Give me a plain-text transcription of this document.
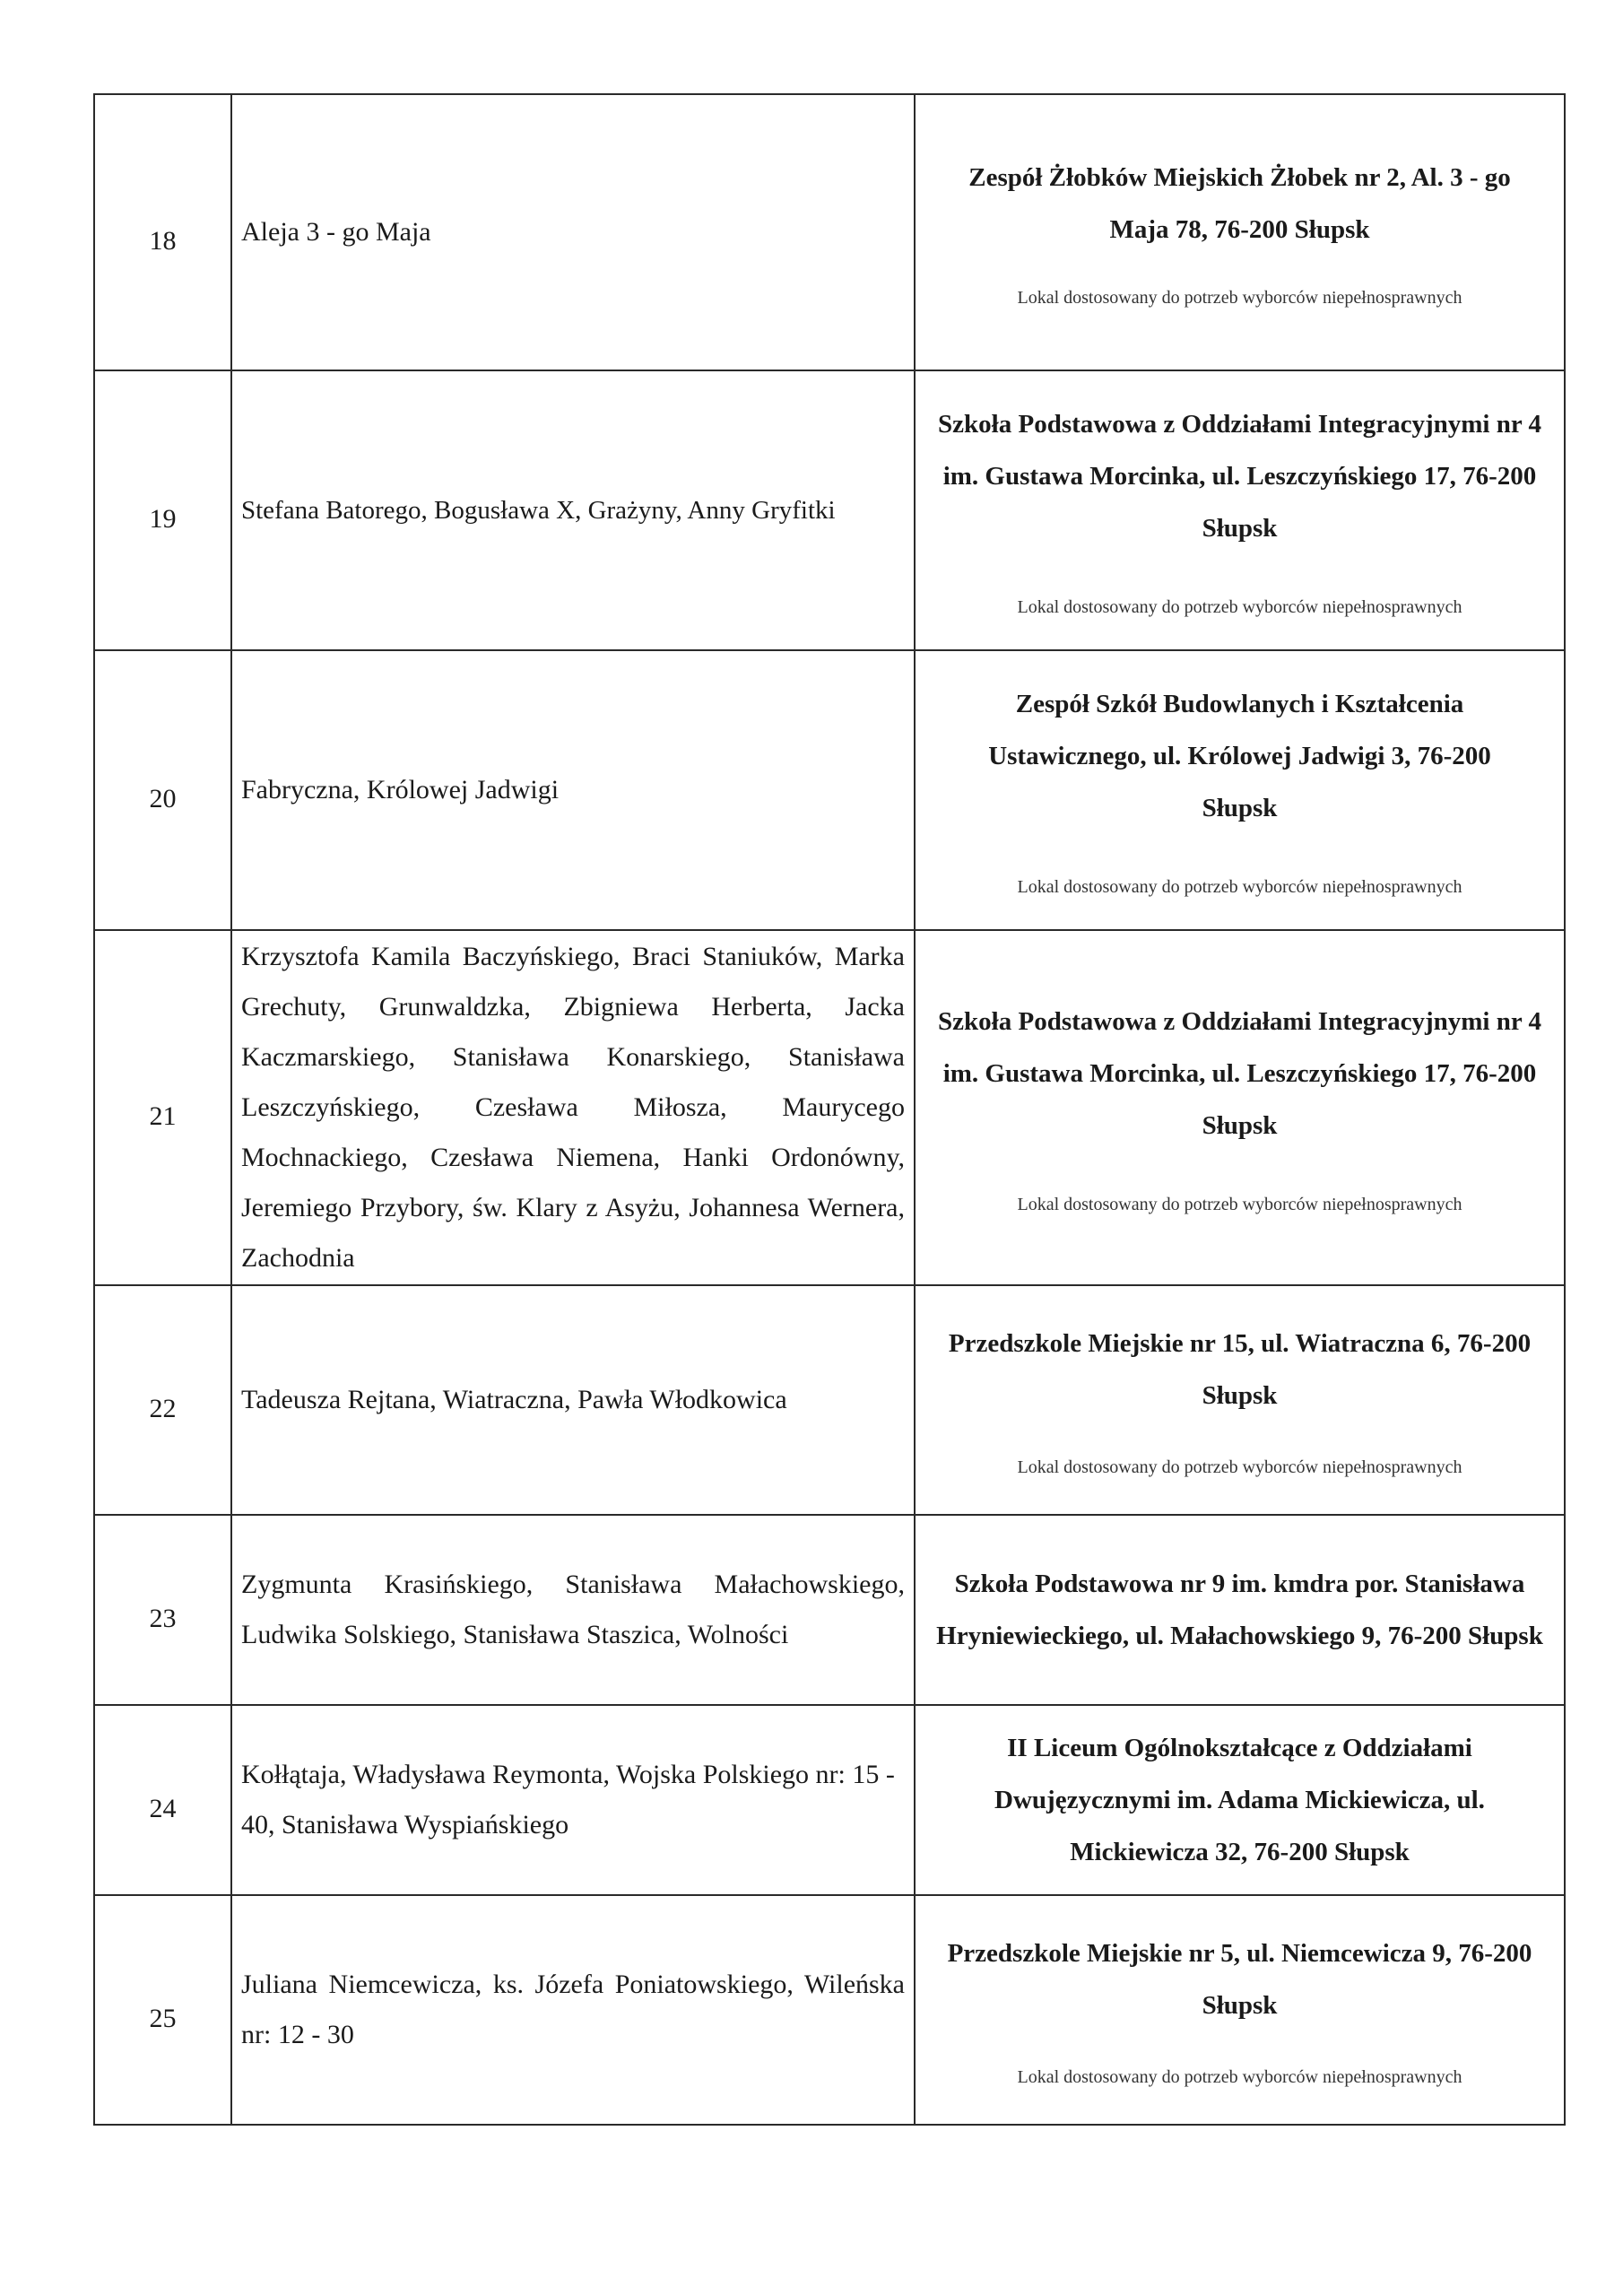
18	Aleja 3 - go Maja	Zespół Żłobków Miejskich Żłobek nr 2, Al. 3 - go Maja 78, 76-200 Słupsk
Lokal dostosowany do potrzeb wyborców niepełnosprawnych

19	Stefana Batorego, Bogusława X, Grażyny, Anny Gryfitki	Szkoła Podstawowa z Oddziałami Integracyjnymi nr 4 im. Gustawa Morcinka, ul. Leszczyńskiego 17, 76-200 Słupsk
Lokal dostosowany do potrzeb wyborców niepełnosprawnych

20	Fabryczna, Królowej Jadwigi	Zespół Szkół Budowlanych i Kształcenia Ustawicznego, ul. Królowej Jadwigi 3, 76-200 Słupsk
Lokal dostosowany do potrzeb wyborców niepełnosprawnych

21	Krzysztofa Kamila Baczyńskiego, Braci Staniuków, Marka Grechuty, Grunwaldzka, Zbigniewa Herberta, Jacka Kaczmarskiego, Stanisława Konarskiego, Stanisława Leszczyńskiego, Czesława Miłosza, Maurycego Mochnackiego, Czesława Niemena, Hanki Ordonówny, Jeremiego Przybory, św. Klary z Asyżu, Johannesa Wernera, Zachodnia	Szkoła Podstawowa z Oddziałami Integracyjnymi nr 4 im. Gustawa Morcinka, ul. Leszczyńskiego 17, 76-200 Słupsk
Lokal dostosowany do potrzeb wyborców niepełnosprawnych

22	Tadeusza Rejtana, Wiatraczna, Pawła Włodkowica	Przedszkole Miejskie nr 15, ul. Wiatraczna 6, 76-200 Słupsk
Lokal dostosowany do potrzeb wyborców niepełnosprawnych

23	Zygmunta Krasińskiego, Stanisława Małachowskiego, Ludwika Solskiego, Stanisława Staszica, Wolności	Szkoła Podstawowa nr 9 im. kmdra por. Stanisława Hryniewieckiego, ul. Małachowskiego 9, 76-200 Słupsk

24	Kołłątaja, Władysława Reymonta, Wojska Polskiego nr: 15 - 40, Stanisława Wyspiańskiego	II Liceum Ogólnokształcące z Oddziałami Dwujęzycznymi im. Adama Mickiewicza, ul. Mickiewicza 32, 76-200 Słupsk

25	Juliana Niemcewicza, ks. Józefa Poniatowskiego, Wileńska nr: 12 - 30	Przedszkole Miejskie nr 5, ul. Niemcewicza 9, 76-200 Słupsk
Lokal dostosowany do potrzeb wyborców niepełnosprawnych
